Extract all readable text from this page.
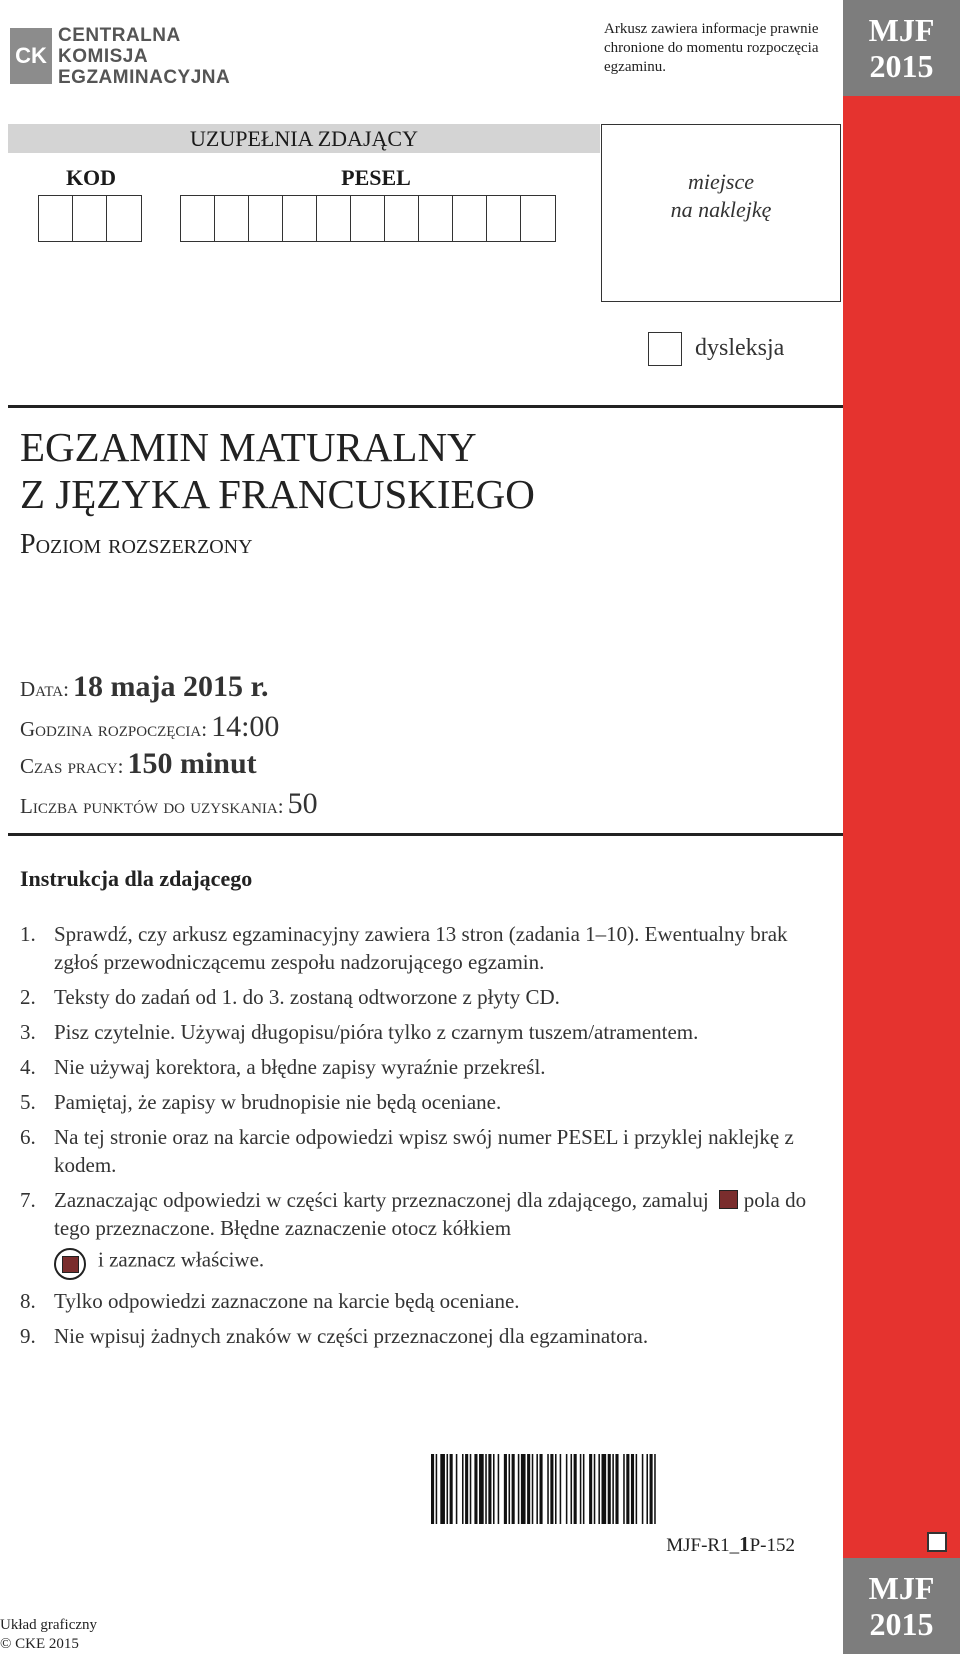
MJF
2015
MJF
2015
CK
CENTRALNA
KOMISJA
EGZAMINACYJNA
Arkusz zawiera informacje prawnie chronione do momentu rozpoczęcia egzaminu.
UZUPEŁNIA ZDAJĄCY
KOD	PESEL	miejsce
na naklejkę
dysleksja
EGZAMIN MATURALNY
Z JĘZYKA FRANCUSKIEGO
Poziom rozszerzony
Data: 18 maja 2015 r.
Godzina rozpoczęcia: 14:00
Czas pracy: 150 minut
Liczba punktów do uzyskania: 50
Instrukcja dla zdającego
1. Sprawdź, czy arkusz egzaminacyjny zawiera 13 stron (zadania 1–10). Ewentualny brak zgłoś przewodniczącemu zespołu nadzorującego egzamin.
2. Teksty do zadań od 1. do 3. zostaną odtworzone z płyty CD.
3. Pisz czytelnie. Używaj długopisu/pióra tylko z czarnym tuszem/atramentem.
4. Nie używaj korektora, a błędne zapisy wyraźnie przekreśl.
5. Pamiętaj, że zapisy w brudnopisie nie będą oceniane.
6. Na tej stronie oraz na karcie odpowiedzi wpisz swój numer PESEL i przyklej naklejkę z kodem.
7. Zaznaczając odpowiedzi w części karty przeznaczonej dla zdającego, zamaluj pola do tego przeznaczone. Błędne zaznaczenie otocz kółkiem

i zaznacz właściwe.
8. Tylko odpowiedzi zaznaczone na karcie będą oceniane.
9. Nie wpisuj żadnych znaków w części przeznaczonej dla egzaminatora.
MJF-R1_1P-152
Układ graficzny
© CKE 2015
